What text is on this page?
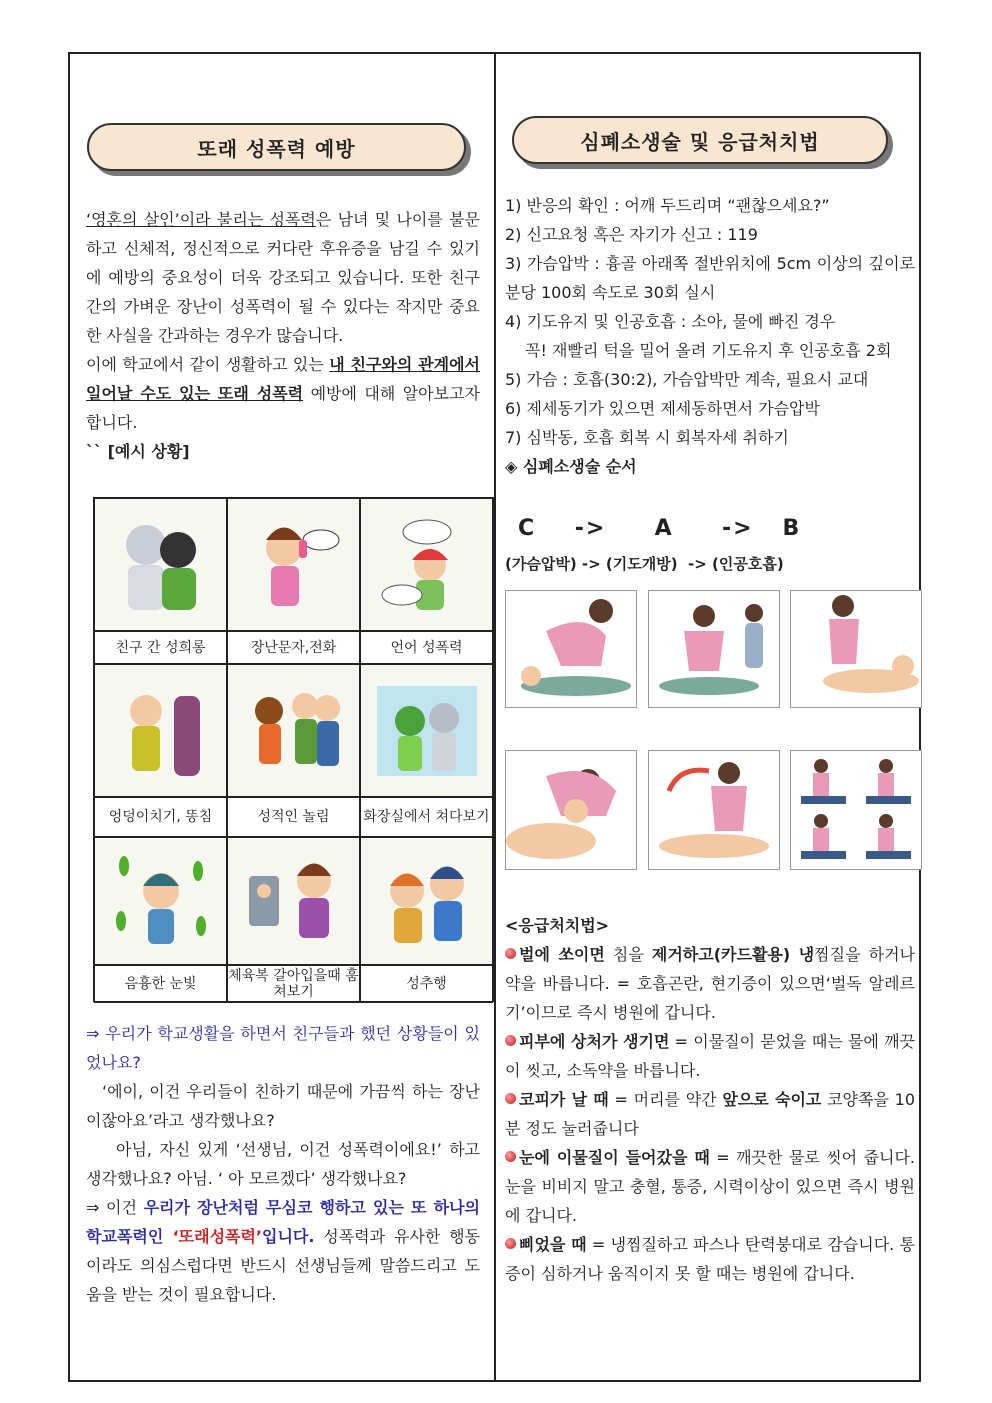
또래 성폭력 예방	심폐소생술 및 응급처치법

‘영혼의 살인’이라 불리는 성폭력은 남녀 및 나이를 불문하고 신체적, 정신적으로 커다란 후유증을 남길 수 있기에 예방의 중요성이 더욱 강조되고 있습니다. 또한 친구간의 가벼운 장난이 성폭력이 될 수 있다는 작지만 중요한 사실을 간과하는 경우가 많습니다.

이에 학교에서 같이 생활하고 있는 내 친구와의 관계에서 일어날 수도 있는 또래 성폭력 예방에 대해 알아보고자 합니다.

`` [예시 상황]

친구 간 성희롱	장난문자,전화	언어 성폭력
엉덩이치기, 똥침	성적인 놀림	화장실에서 쳐다보기
음흉한 눈빛	체육복 갈아입을때 훔쳐보기	성추행

⇒ 우리가 학교생활을 하면서 친구들과 했던 상황들이 있었나요?

‘에이, 이건 우리들이 친하기 때문에 가끔씩 하는 장난이잖아요’라고 생각했나요?

아님, 자신 있게 ‘선생님, 이건 성폭력이에요!’ 하고 생각했나요? 아님. ‘ 아 모르겠다’ 생각했나요?

⇒ 이건 우리가 장난처럼 무심코 행하고 있는 또 하나의 학교폭력인 ‘또래성폭력’입니다. 성폭력과 유사한 행동이라도 의심스럽다면 반드시 선생님들께 말씀드리고 도움을 받는 것이 필요합니다.

1) 반응의 확인 : 어깨 두드리며 “괜찮으세요?”

2) 신고요청 혹은 자기가 신고 : 119

3) 가슴압박 : 흉골 아래쪽 절반위치에 5cm 이상의 깊이로 분당 100회 속도로 30회 실시

4) 기도유지 및 인공호흡 : 소아, 물에 빠진 경우

꼭! 재빨리 턱을 밀어 올려 기도유지 후 인공호흡 2회

5) 가슴 : 호흡(30:2), 가슴압박만 계속, 필요시 교대

6) 제세동기가 있으면 제세동하면서 가슴압박

7) 심박동, 호흡 회복 시 회복자세 취하기

◈ 심폐소생술 순서

C    ->     A     ->   B
(가슴압박) -> (기도개방)  -> (인공호흡)

<응급처치법>

벌에 쏘이면 침을 제거하고(카드활용) 냉찜질을 하거나 약을 바릅니다. = 호흡곤란, 현기증이 있으면‘벌독 알레르기’이므로 즉시 병원에 갑니다.

피부에 상처가 생기면 = 이물질이 묻었을 때는 물에 깨끗이 씻고, 소독약을 바릅니다.

코피가 날 때 = 머리를 약간 앞으로 숙이고 코양쪽을 10분 정도 눌러줍니다

눈에 이물질이 들어갔을 때 = 깨끗한 물로 씻어 줍니다. 눈을 비비지 말고 충혈, 통증, 시력이상이 있으면 즉시 병원에 갑니다.

삐었을 때 = 냉찜질하고 파스나 탄력붕대로 감습니다. 통증이 심하거나 움직이지 못 할 때는 병원에 갑니다.
